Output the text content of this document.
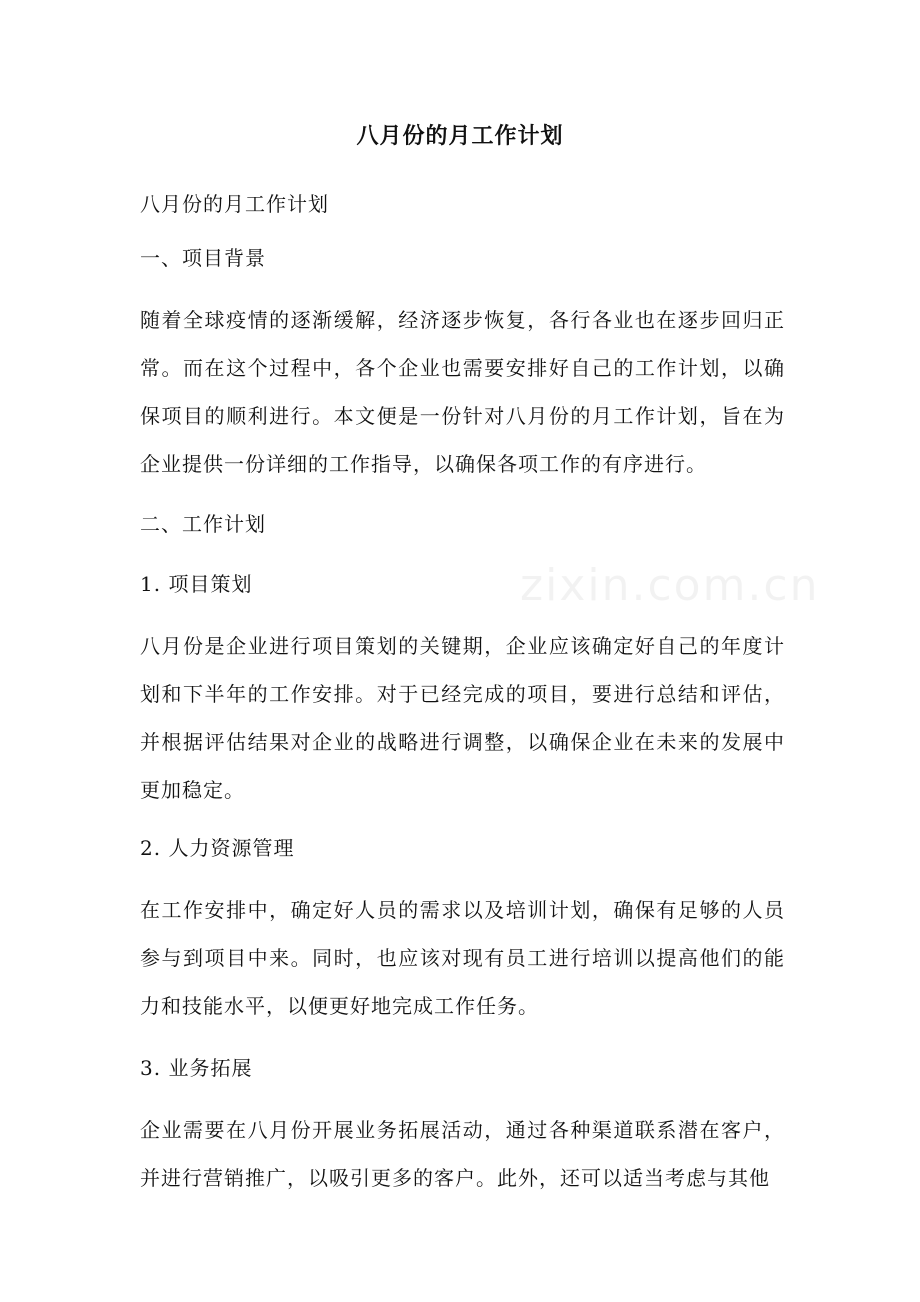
zixin.com.cn
八月份的月工作计划
八月份的月工作计划
一、项目背景
随着全球疫情的逐渐缓解，经济逐步恢复，各行各业也在逐步回归正常。而在这个过程中，各个企业也需要安排好自己的工作计划，以确保项目的顺利进行。本文便是一份针对八月份的月工作计划，旨在为企业提供一份详细的工作指导，以确保各项工作的有序进行。
二、工作计划
1. 项目策划
八月份是企业进行项目策划的关键期，企业应该确定好自己的年度计划和下半年的工作安排。对于已经完成的项目，要进行总结和评估，并根据评估结果对企业的战略进行调整，以确保企业在未来的发展中更加稳定。
2. 人力资源管理
在工作安排中，确定好人员的需求以及培训计划，确保有足够的人员参与到项目中来。同时，也应该对现有员工进行培训以提高他们的能力和技能水平，以便更好地完成工作任务。
3. 业务拓展
企业需要在八月份开展业务拓展活动，通过各种渠道联系潜在客户，并进行营销推广，以吸引更多的客户。此外，还可以适当考虑与其他
